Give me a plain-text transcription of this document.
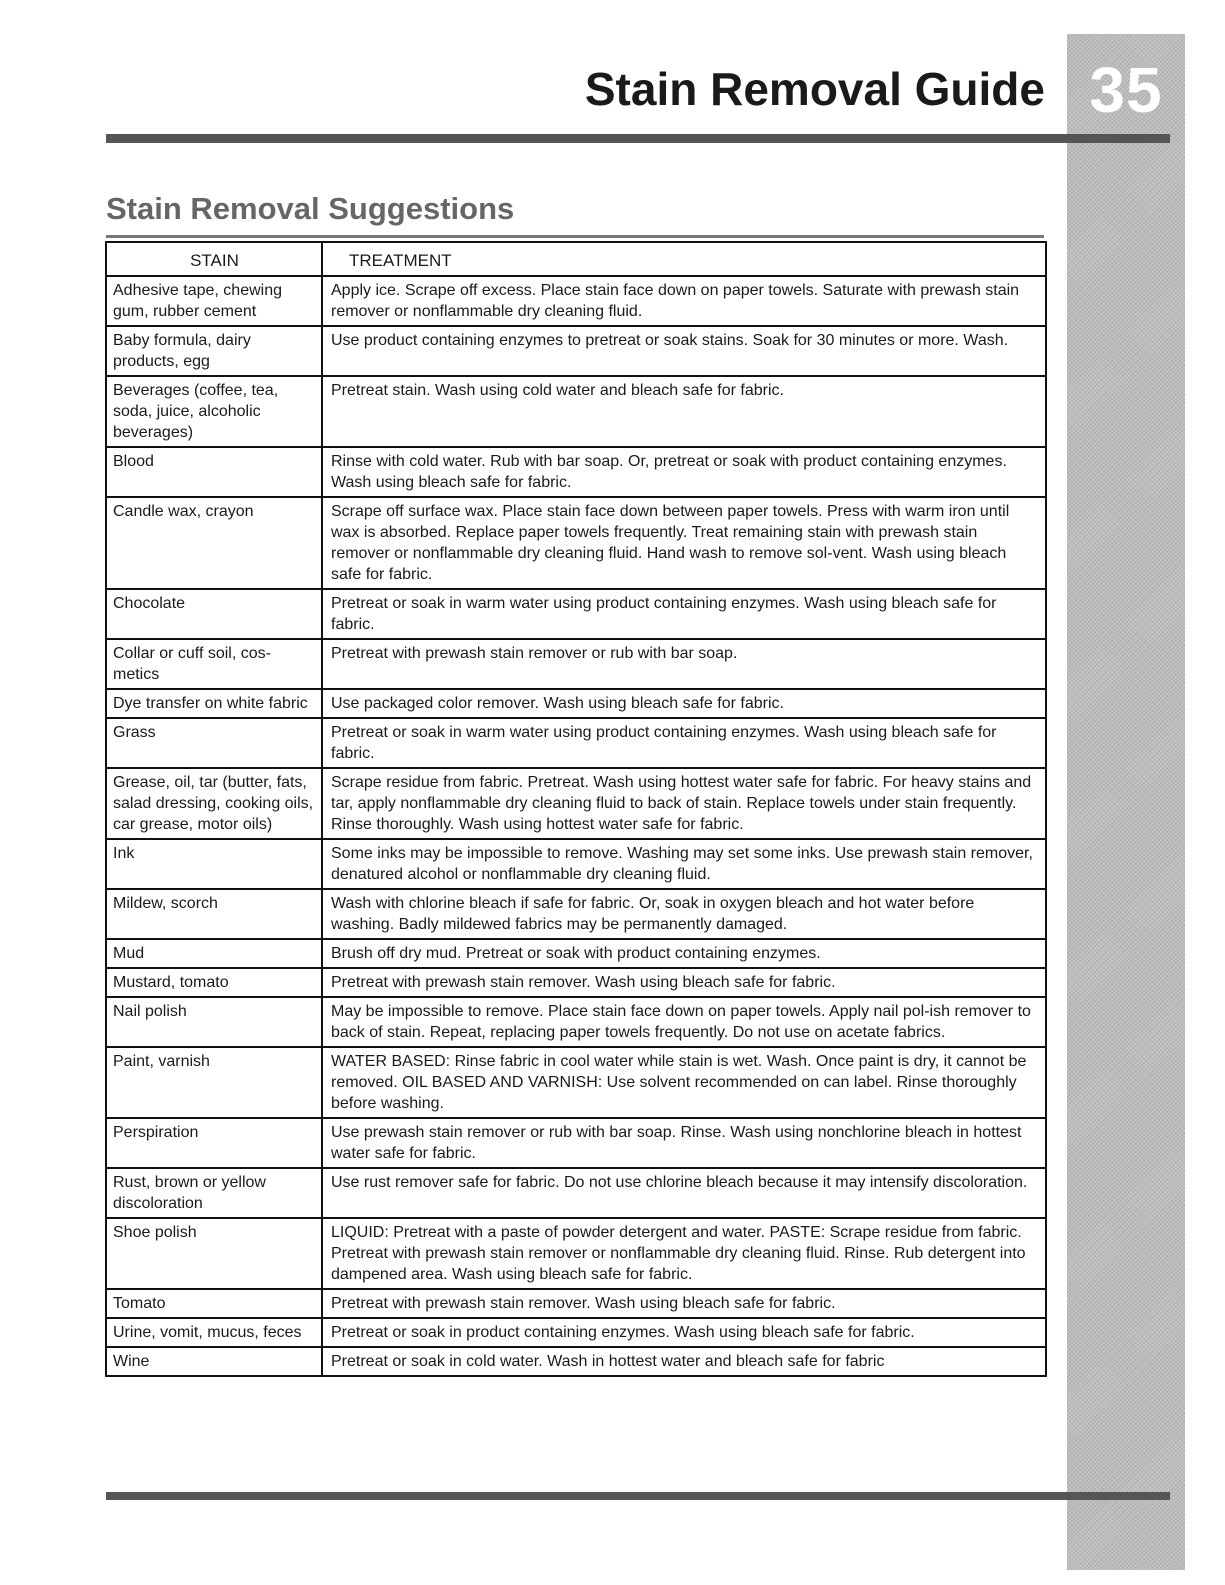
35
Stain Removal Guide
Stain Removal Suggestions
STAIN	TREATMENT
Adhesive tape, chewing gum, rubber cement	Apply ice. Scrape off excess. Place stain face down on paper towels. Saturate with prewash stain remover or nonflammable dry cleaning fluid.
Baby formula, dairy products, egg	Use product containing enzymes to pretreat or soak stains. Soak for 30 minutes or more. Wash.
Beverages (coffee, tea, soda, juice, alcoholic beverages)	Pretreat stain. Wash using cold water and bleach safe for fabric.
Blood	Rinse with cold water. Rub with bar soap. Or, pretreat or soak with product containing enzymes. Wash using bleach safe for fabric.
Candle wax, crayon	Scrape off surface wax. Place stain face down between paper towels. Press with warm iron until wax is absorbed. Replace paper towels frequently. Treat remaining stain with prewash stain remover or nonflammable dry cleaning fluid. Hand wash to remove sol-vent. Wash using bleach safe for fabric.
Chocolate	Pretreat or soak in warm water using product containing enzymes. Wash using bleach safe for fabric.
Collar or cuff soil, cos-metics	Pretreat with prewash stain remover or rub with bar soap.
Dye transfer on white fabric	Use packaged color remover. Wash using bleach safe for fabric.
Grass	Pretreat or soak in warm water using product containing enzymes. Wash using bleach safe for fabric.
Grease, oil, tar (butter, fats, salad dressing, cooking oils, car grease, motor oils)	Scrape residue from fabric. Pretreat. Wash using hottest water safe for fabric. For heavy stains and tar, apply nonflammable dry cleaning fluid to back of stain. Replace towels under stain frequently. Rinse thoroughly. Wash using hottest water safe for fabric.
Ink	Some inks may be impossible to remove. Washing may set some inks. Use prewash stain remover, denatured alcohol or nonflammable dry cleaning fluid.
Mildew, scorch	Wash with chlorine bleach if safe for fabric. Or, soak in oxygen bleach and hot water before washing. Badly mildewed fabrics may be permanently damaged.
Mud	Brush off dry mud. Pretreat or soak with product containing enzymes.
Mustard, tomato	Pretreat with prewash stain remover. Wash using bleach safe for fabric.
Nail polish	May be impossible to remove. Place stain face down on paper towels. Apply nail pol-ish remover to back of stain. Repeat, replacing paper towels frequently. Do not use on acetate fabrics.
Paint, varnish	WATER BASED: Rinse fabric in cool water while stain is wet. Wash. Once paint is dry, it cannot be removed. OIL BASED AND VARNISH: Use solvent recommended on can label. Rinse thoroughly before washing.
Perspiration	Use prewash stain remover or rub with bar soap. Rinse. Wash using nonchlorine bleach in hottest water safe for fabric.
Rust, brown or yellow discoloration	Use rust remover safe for fabric. Do not use chlorine bleach because it may intensify discoloration.
Shoe polish	LIQUID: Pretreat with a paste of powder detergent and water. PASTE: Scrape residue from fabric. Pretreat with prewash stain remover or nonflammable dry cleaning fluid. Rinse. Rub detergent into dampened area. Wash using bleach safe for fabric.
Tomato	Pretreat with prewash stain remover. Wash using bleach safe for fabric.
Urine, vomit, mucus, feces	Pretreat or soak in product containing enzymes. Wash using bleach safe for fabric.
Wine	Pretreat or soak in cold water. Wash in hottest water and bleach safe for fabric
